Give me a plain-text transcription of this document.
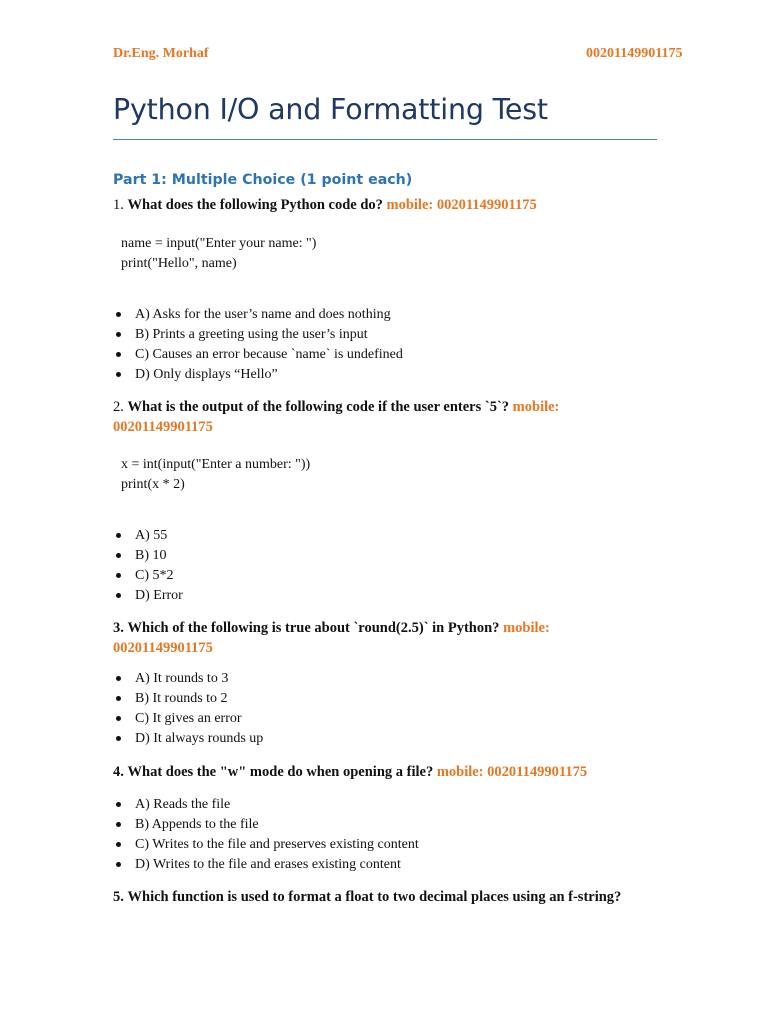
Dr.Eng. Morhaf	00201149901175
Python I/O and Formatting Test
Part 1: Multiple Choice (1 point each)
1. What does the following Python code do? mobile: 00201149901175
name = input("Enter your name: ")
print("Hello", name)
A) Asks for the user’s name and does nothing
B) Prints a greeting using the user’s input
C) Causes an error because `name` is undefined
D) Only displays “Hello”
2. What is the output of the following code if the user enters `5`? mobile: 00201149901175
x = int(input("Enter a number: "))
print(x * 2)
A) 55
B) 10
C) 5*2
D) Error
3. Which of the following is true about `round(2.5)` in Python? mobile: 00201149901175
A) It rounds to 3
B) It rounds to 2
C) It gives an error
D) It always rounds up
4. What does the "w" mode do when opening a file? mobile: 00201149901175
A) Reads the file
B) Appends to the file
C) Writes to the file and preserves existing content
D) Writes to the file and erases existing content
5. Which function is used to format a float to two decimal places using an f-string?
